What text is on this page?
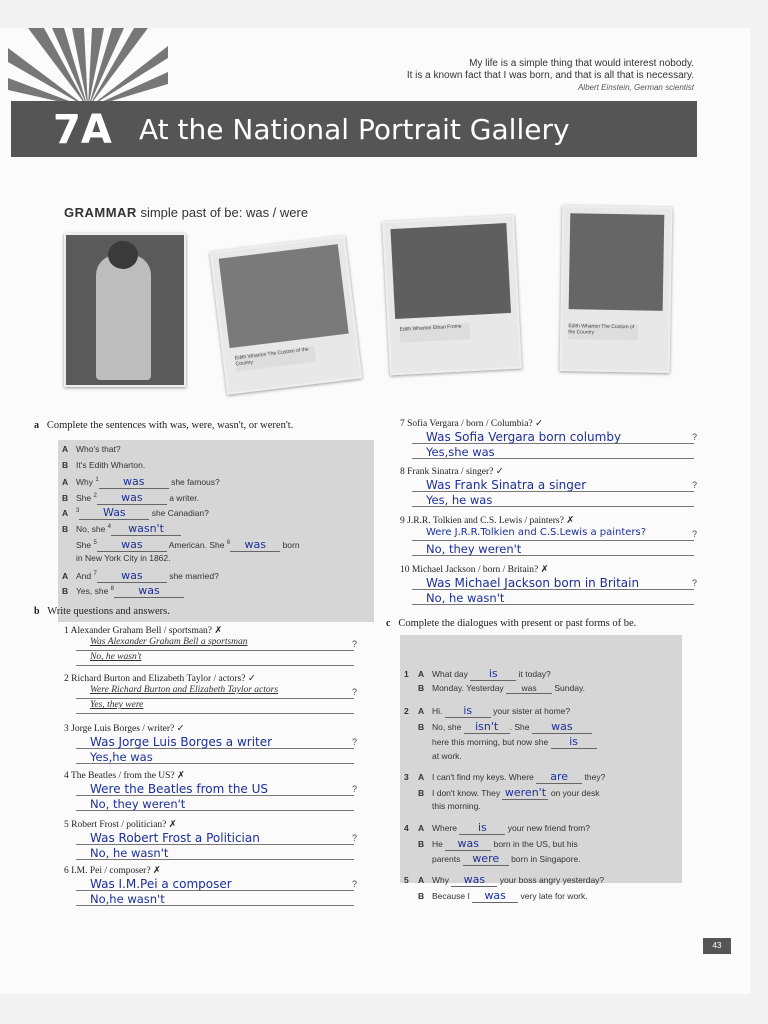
My life is a simple thing that would interest nobody.
It is a known fact that I was born, and that is all that is necessary.
Albert Einstein, German scientist
7A At the National Portrait Gallery
GRAMMAR simple past of be: was / were
Edith Wharton The Custom of the Country
Edith Wharton Ethan Frome	Edith Wharton The Custom of the Country
a Complete the sentences with was, were, wasn't, or weren't.
A Who's that?
B It's Edith Wharton.
A Why $^1$ was	she famous?
B She $^2$ was	a writer.
A $^3$ Was	she Canadian?
B No, she $^4$ wasn't
She $^5$ was	American. She $^6$ was born
in New York City in 1862.
A And $^7$ was	she married?
B Yes, she $^8$ was
b Write questions and answers.
1 Alexander Graham Bell / sportsman? ✗
?
Was Alexander Graham Bell a sportsman
No, he wasn't
2 Richard Burton and Elizabeth Taylor / actors? ✓
?
Were Richard Burton and Elizabeth Taylor actors
Yes, they were
3 Jorge Luis Borges / writer? ✓
?
Was Jorge Luis Borges a writer
Yes,he was
4 The Beatles / from the US? ✗
?
Were the Beatles from the US
No, they weren't
5 Robert Frost / politician? ✗
?
Was Robert Frost a Politician
No, he wasn't
6 I.M. Pei / composer? ✗
?
Was I.M.Pei a composer
No,he wasn't
7 Sofia Vergara / born / Columbia? ✓
?
Was Sofia Vergara born columby
Yes,she was
8 Frank Sinatra / singer? ✓
?
Was Frank Sinatra a singer
Yes, he was
9 J.R.R. Tolkien and C.S. Lewis / painters? ✗
?
Were J.R.R.Tolkien and C.S.Lewis a painters?
No, they weren't
10 Michael Jackson / born / Britain? ✗
?
Was Michael Jackson born in Britain
No, he wasn't
c Complete the dialogues with present or past forms of be.
1 A What day is it today?
B Monday. Yesterday was Sunday.
2 A Hi. is your sister at home?
B No, she isn't . She was
here this morning, but now she is
at work.
3 A I can't find my keys. Where are they?
B I don't know. They weren't on your desk
this morning.
4 A Where is your new friend from?
B He was born in the US, but his
parents were born in Singapore.
5 A Why was your boss angry yesterday?
B Because I was very late for work.
43
